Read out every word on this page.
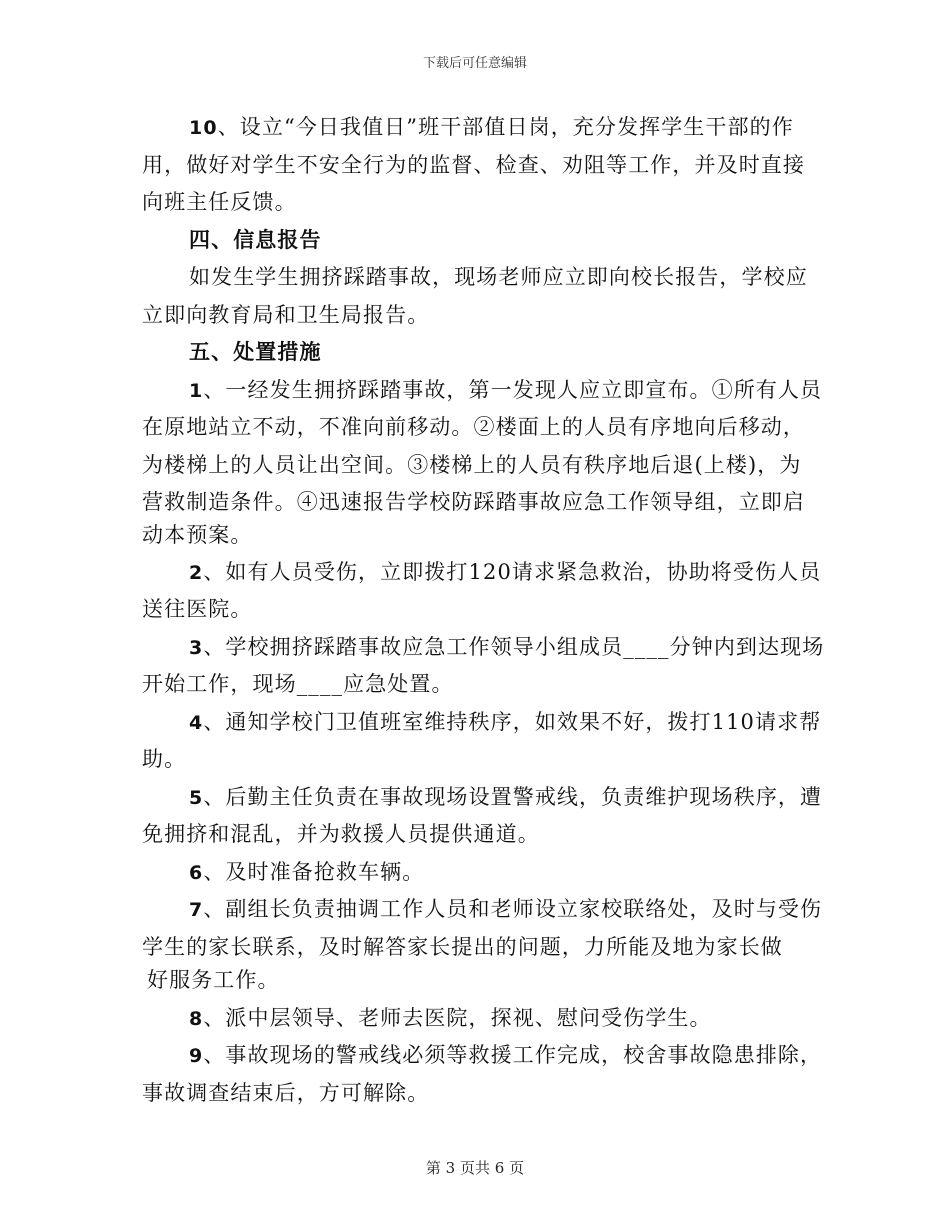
下载后可任意编辑
10、设立“今日我值日”班干部值日岗，充分发挥学生干部的作
用，做好对学生不安全行为的监督、检查、劝阻等工作，并及时直接
向班主任反馈。
四、信息报告
如发生学生拥挤踩踏事故，现场老师应立即向校长报告，学校应
立即向教育局和卫生局报告。
五、处置措施
1、一经发生拥挤踩踏事故，第一发现人应立即宣布。①所有人员
在原地站立不动，不准向前移动。②楼面上的人员有序地向后移动，
为楼梯上的人员让出空间。③楼梯上的人员有秩序地后退(上楼)，为
营救制造条件。④迅速报告学校防踩踏事故应急工作领导组，立即启
动本预案。
2、如有人员受伤，立即拨打120请求紧急救治，协助将受伤人员
送往医院。
3、学校拥挤踩踏事故应急工作领导小组成员____分钟内到达现场
开始工作，现场____应急处置。
4、通知学校门卫值班室维持秩序，如效果不好，拨打110请求帮
助。
5、后勤主任负责在事故现场设置警戒线，负责维护现场秩序，遭
免拥挤和混乱，并为救援人员提供通道。
6、及时准备抢救车辆。
7、副组长负责抽调工作人员和老师设立家校联络处，及时与受伤
学生的家长联系，及时解答家长提出的问题，力所能及地为家长做
好服务工作。
8、派中层领导、老师去医院，探视、慰问受伤学生。
9、事故现场的警戒线必须等救援工作完成，校舍事故隐患排除，
事故调查结束后，方可解除。
第 3 页共 6 页
